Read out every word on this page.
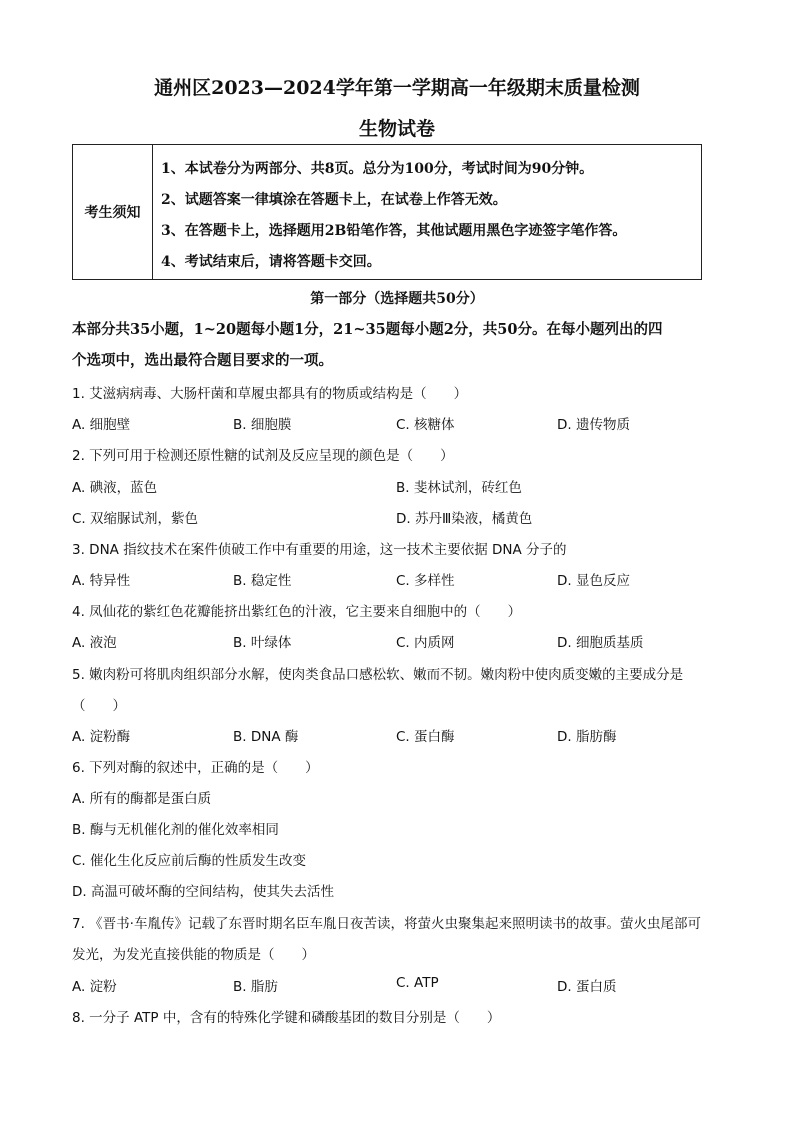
通州区2023—2024学年第一学期高一年级期末质量检测
生物试卷
考生须知
1、本试卷分为两部分、共8页。总分为100分，考试时间为90分钟。
2、试题答案一律填涂在答题卡上，在试卷上作答无效。
3、在答题卡上，选择题用2B铅笔作答，其他试题用黑色字迹签字笔作答。
4、考试结束后，请将答题卡交回。
第一部分（选择题共50分）
本部分共35小题，1~20题每小题1分，21~35题每小题2分，共50分。在每小题列出的四
个选项中，选出最符合题目要求的一项。
1. 艾滋病病毒、大肠杆菌和草履虫都具有的物质或结构是（　　）
A. 细胞壁	B. 细胞膜	C. 核糖体	D. 遗传物质
2. 下列可用于检测还原性糖的试剂及反应呈现的颜色是（　　）
A. 碘液，蓝色	B. 斐林试剂，砖红色
C. 双缩脲试剂，紫色	D. 苏丹Ⅲ染液，橘黄色
3. DNA 指纹技术在案件侦破工作中有重要的用途，这一技术主要依据 DNA 分子的
A. 特异性	B. 稳定性	C. 多样性	D. 显色反应
4. 凤仙花的紫红色花瓣能挤出紫红色的汁液，它主要来自细胞中的（　　）
A. 液泡	B. 叶绿体	C. 内质网	D. 细胞质基质
5. 嫩肉粉可将肌肉组织部分水解，使肉类食品口感松软、嫩而不韧。嫩肉粉中使肉质变嫩的主要成分是
（　　）
A. 淀粉酶	B. DNA 酶	C. 蛋白酶	D. 脂肪酶
6. 下列对酶的叙述中，正确的是（　　）
A. 所有的酶都是蛋白质
B. 酶与无机催化剂的催化效率相同
C. 催化生化反应前后酶的性质发生改变
D. 高温可破坏酶的空间结构，使其失去活性
7. 《晋书·车胤传》记载了东晋时期名臣车胤日夜苦读，将萤火虫聚集起来照明读书的故事。萤火虫尾部可
发光，为发光直接供能的物质是（　　）
A. 淀粉	B. 脂肪	C. ATP	D. 蛋白质
8. 一分子 ATP 中，含有的特殊化学键和磷酸基团的数目分别是（　　）
